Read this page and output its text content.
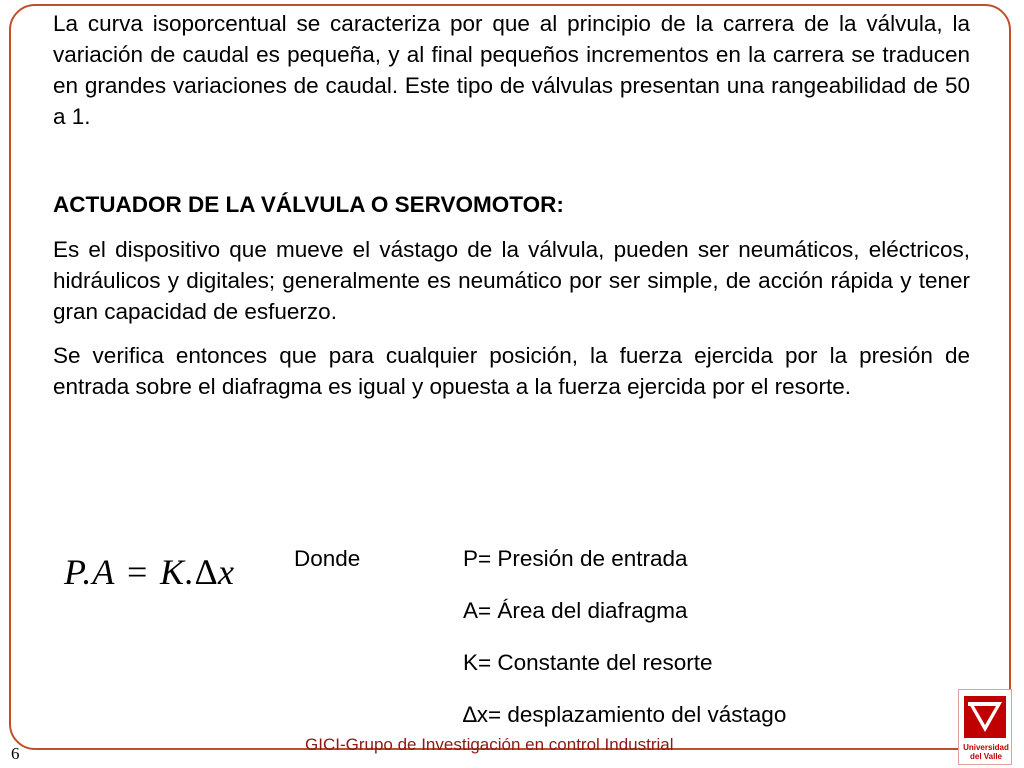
La curva isoporcentual se caracteriza por que al principio de la carrera de la válvula, la variación de caudal es pequeña, y al final pequeños incrementos en la carrera se traducen en grandes variaciones de caudal. Este tipo de válvulas presentan una rangeabilidad de 50 a 1.

ACTUADOR DE LA VÁLVULA O SERVOMOTOR:

Es el dispositivo que mueve el vástago de la válvula, pueden ser neumáticos, eléctricos, hidráulicos y digitales; generalmente es neumático por ser simple, de acción rápida y tener gran capacidad de esfuerzo.

Se verifica entonces que para cualquier posición, la fuerza ejercida por la presión de entrada sobre el diafragma es igual y opuesta a la fuerza ejercida por el resorte.

P.A = K.∆x	Donde	P= Presión de entrada
A= Área del diafragma
K= Constante del resorte
∆x= desplazamiento del vástago
GICI-Grupo de Investigación en control Industrial
6	Universidad
del Valle
